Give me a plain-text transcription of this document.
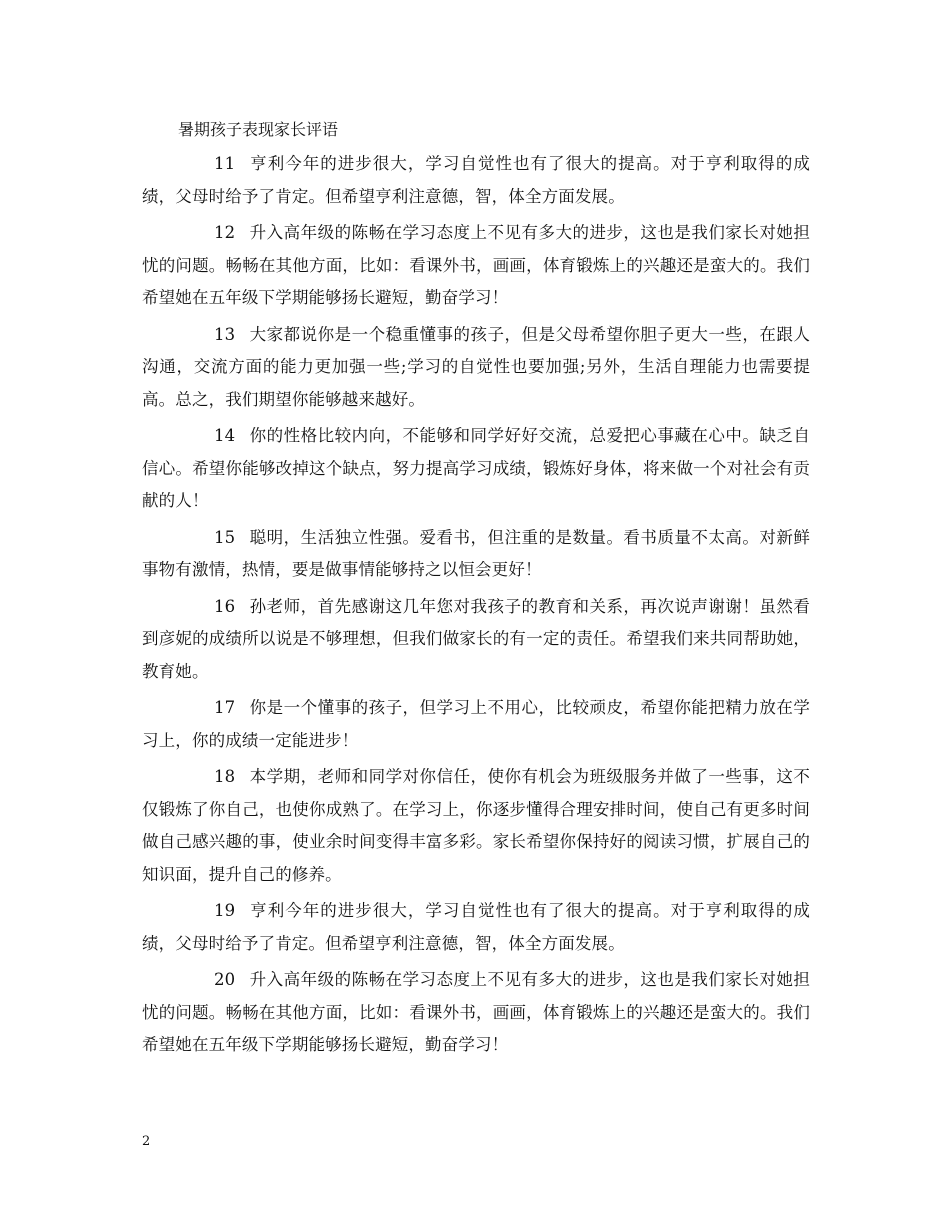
暑期孩子表现家长评语

11 亨利今年的进步很大，学习自觉性也有了很大的提高。对于亨利取得的成绩，父母时给予了肯定。但希望亨利注意德，智，体全方面发展。

12 升入高年级的陈畅在学习态度上不见有多大的进步，这也是我们家长对她担忧的问题。畅畅在其他方面，比如：看课外书，画画，体育锻炼上的兴趣还是蛮大的。我们希望她在五年级下学期能够扬长避短，勤奋学习！

13 大家都说你是一个稳重懂事的孩子，但是父母希望你胆子更大一些，在跟人沟通，交流方面的能力更加强一些;学习的自觉性也要加强;另外，生活自理能力也需要提高。总之，我们期望你能够越来越好。

14 你的性格比较内向，不能够和同学好好交流，总爱把心事藏在心中。缺乏自信心。希望你能够改掉这个缺点，努力提高学习成绩，锻炼好身体，将来做一个对社会有贡献的人！

15 聪明，生活独立性强。爱看书，但注重的是数量。看书质量不太高。对新鲜事物有激情，热情，要是做事情能够持之以恒会更好！

16 孙老师，首先感谢这几年您对我孩子的教育和关系，再次说声谢谢！虽然看到彦妮的成绩所以说是不够理想，但我们做家长的有一定的责任。希望我们来共同帮助她，教育她。

17 你是一个懂事的孩子，但学习上不用心，比较顽皮，希望你能把精力放在学习上，你的成绩一定能进步！

18 本学期，老师和同学对你信任，使你有机会为班级服务并做了一些事，这不仅锻炼了你自己，也使你成熟了。在学习上，你逐步懂得合理安排时间，使自己有更多时间做自己感兴趣的事，使业余时间变得丰富多彩。家长希望你保持好的阅读习惯，扩展自己的知识面，提升自己的修养。

19 亨利今年的进步很大，学习自觉性也有了很大的提高。对于亨利取得的成绩，父母时给予了肯定。但希望亨利注意德，智，体全方面发展。

20 升入高年级的陈畅在学习态度上不见有多大的进步，这也是我们家长对她担忧的问题。畅畅在其他方面，比如：看课外书，画画，体育锻炼上的兴趣还是蛮大的。我们希望她在五年级下学期能够扬长避短，勤奋学习！

2
